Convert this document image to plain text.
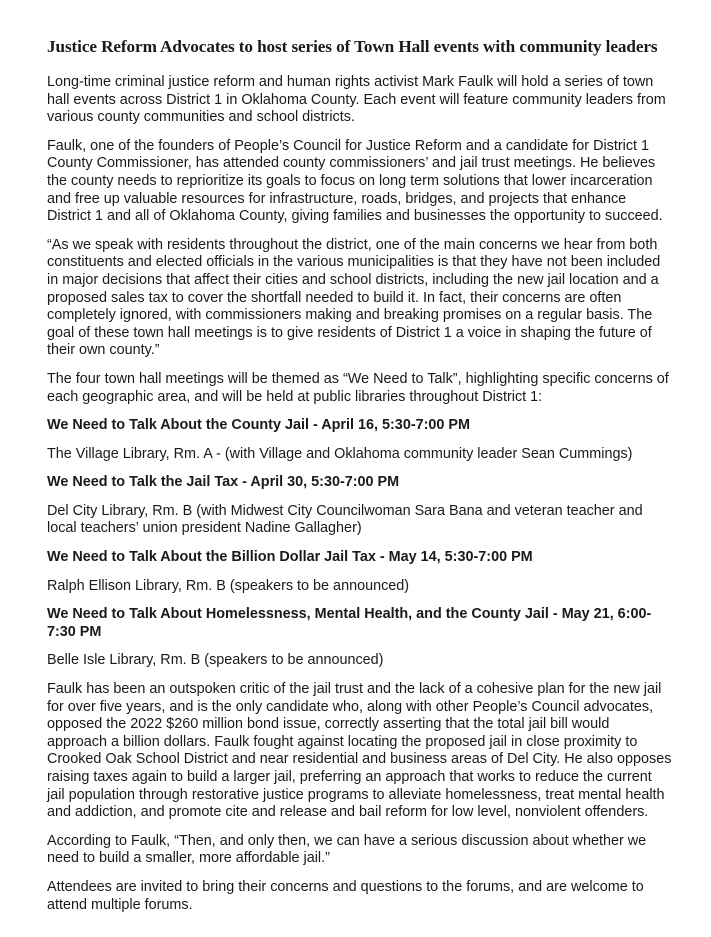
Justice Reform Advocates to host series of Town Hall events with community leaders

Long-time criminal justice reform and human rights activist Mark Faulk will hold a series of town hall events across District 1 in Oklahoma County. Each event will feature community leaders from various county communities and school districts.

Faulk, one of the founders of People’s Council for Justice Reform and a candidate for District 1 County Commissioner, has attended county commissioners’ and jail trust meetings. He believes the county needs to reprioritize its goals to focus on long term solutions that lower incarceration and free up valuable resources for infrastructure, roads, bridges, and projects that enhance District 1 and all of Oklahoma County, giving families and businesses the opportunity to succeed.

“As we speak with residents throughout the district, one of the main concerns we hear from both constituents and elected officials in the various municipalities is that they have not been included in major decisions that affect their cities and school districts, including the new jail location and a proposed sales tax to cover the shortfall needed to build it. In fact, their concerns are often completely ignored, with commissioners making and breaking promises on a regular basis. The goal of these town hall meetings is to give residents of District 1 a voice in shaping the future of their own county.”

The four town hall meetings will be themed as “We Need to Talk”, highlighting specific concerns of each geographic area, and will be held at public libraries throughout District 1:

We Need to Talk About the County Jail - April 16, 5:30-7:00 PM

The Village Library, Rm. A - (with Village and Oklahoma community leader Sean Cummings)

We Need to Talk the Jail Tax - April 30, 5:30-7:00 PM

Del City Library, Rm. B (with Midwest City Councilwoman Sara Bana and veteran teacher and local teachers’ union president Nadine Gallagher)

We Need to Talk About the Billion Dollar Jail Tax - May 14, 5:30-7:00 PM

Ralph Ellison Library, Rm. B (speakers to be announced)

We Need to Talk About Homelessness, Mental Health, and the County Jail - May 21, 6:00-7:30 PM

Belle Isle Library, Rm. B (speakers to be announced)

Faulk has been an outspoken critic of the jail trust and the lack of a cohesive plan for the new jail for over five years, and is the only candidate who, along with other People’s Council advocates, opposed the 2022 $260 million bond issue, correctly asserting that the total jail bill would approach a billion dollars. Faulk fought against locating the proposed jail in close proximity to Crooked Oak School District and near residential and business areas of Del City. He also opposes raising taxes again to build a larger jail, preferring an approach that works to reduce the current jail population through restorative justice programs to alleviate homelessness, treat mental health and addiction, and promote cite and release and bail reform for low level, nonviolent offenders.

According to Faulk, “Then, and only then, we can have a serious discussion about whether we need to build a smaller, more affordable jail.”

Attendees are invited to bring their concerns and questions to the forums, and are welcome to attend multiple forums.
